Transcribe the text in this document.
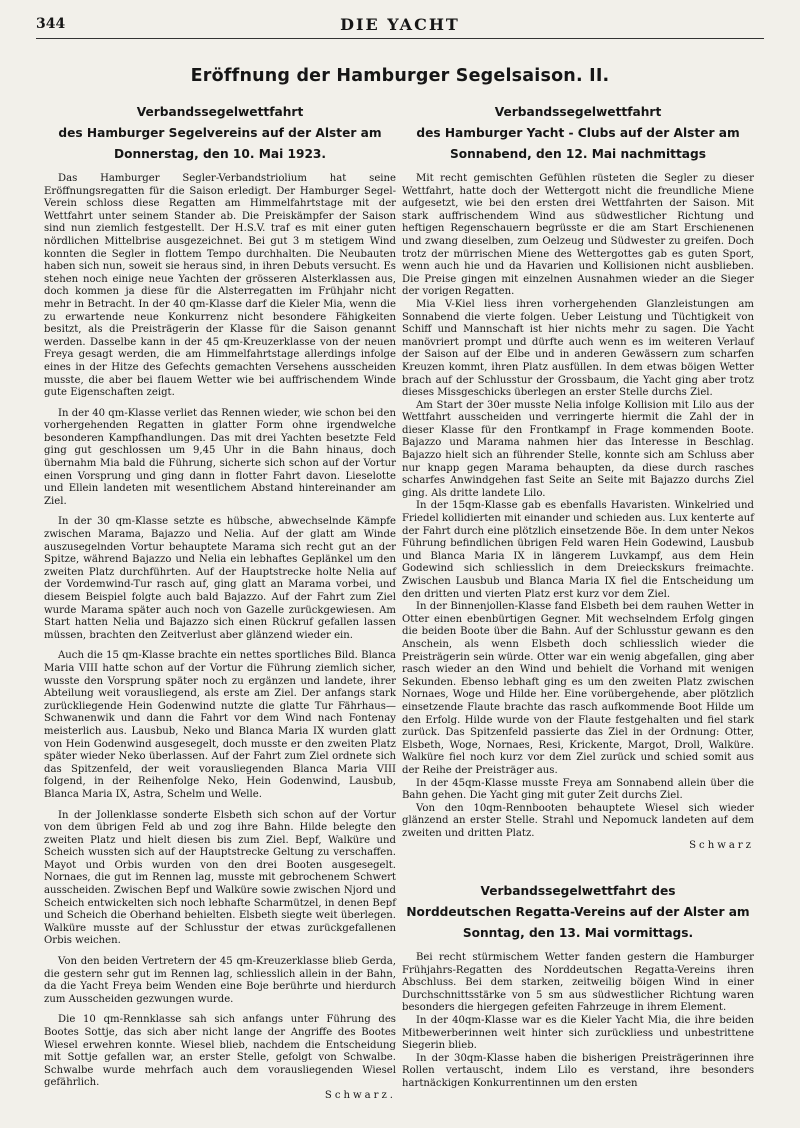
344	DIE YACHT
Eröffnung der Hamburger Segelsaison. II.
Verbandssegelwettfahrt
des Hamburger Segelvereins auf der Alster am
Donnerstag, den 10. Mai 1923.

Das Hamburger Segler-Verbandstriolium hat seine Eröffnungsregatten für die Saison erledigt. Der Hamburger Segel-Verein schloss diese Regatten am Himmelfahrtstage mit der Wettfahrt unter seinem Stander ab. Die Preiskämpfer der Saison sind nun ziemlich festgestellt. Der H.S.V. traf es mit einer guten nördlichen Mittelbrise ausgezeichnet. Bei gut 3 m stetigem Wind konnten die Segler in flottem Tempo durchhalten. Die Neubauten haben sich nun, soweit sie heraus sind, in ihren Debuts versucht. Es stehen noch einige neue Yachten der grösseren Alsterklassen aus, doch kommen ja diese für die Alsterregatten im Frühjahr nicht mehr in Betracht. In der 40 qm-Klasse darf die Kieler Mia, wenn die zu erwartende neue Konkurrenz nicht besondere Fähigkeiten besitzt, als die Preisträgerin der Klasse für die Saison genannt werden. Dasselbe kann in der 45 qm-Kreuzerklasse von der neuen Freya gesagt werden, die am Himmelfahrtstage allerdings infolge eines in der Hitze des Gefechts gemachten Versehens ausscheiden musste, die aber bei flauem Wetter wie bei auffrischendem Winde gute Eigenschaften zeigt.

In der 40 qm-Klasse verliet das Rennen wieder, wie schon bei den vorhergehenden Regatten in glatter Form ohne irgendwelche besonderen Kampfhandlungen. Das mit drei Yachten besetzte Feld ging gut geschlossen um 9,45 Uhr in die Bahn hinaus, doch übernahm Mia bald die Führung, sicherte sich schon auf der Vortur einen Vorsprung und ging dann in flotter Fahrt davon. Lieselotte und Ellein landeten mit wesentlichem Abstand hintereinander am Ziel.

In der 30 qm-Klasse setzte es hübsche, abwechselnde Kämpfe zwischen Marama, Bajazzo und Nelia. Auf der glatt am Winde auszusegelnden Vortur behauptete Marama sich recht gut an der Spitze, während Bajazzo und Nelia ein lebhaftes Geplänkel um den zweiten Platz durchführten. Auf der Hauptstrecke holte Nelia auf der Vordemwind-Tur rasch auf, ging glatt an Marama vorbei, und diesem Beispiel folgte auch bald Bajazzo. Auf der Fahrt zum Ziel wurde Marama später auch noch von Gazelle zurückgewiesen. Am Start hatten Nelia und Bajazzo sich einen Rückruf gefallen lassen müssen, brachten den Zeitverlust aber glänzend wieder ein.

Auch die 15 qm-Klasse brachte ein nettes sportliches Bild. Blanca Maria VIII hatte schon auf der Vortur die Führung ziemlich sicher, wusste den Vorsprung später noch zu ergänzen und landete, ihrer Abteilung weit vorausliegend, als erste am Ziel. Der anfangs stark zurückliegende Hein Godenwind nutzte die glatte Tur Fährhaus—Schwanenwik und dann die Fahrt vor dem Wind nach Fontenay meisterlich aus. Lausbub, Neko und Blanca Maria IX wurden glatt von Hein Godenwind ausgesegelt, doch musste er den zweiten Platz später wieder Neko überlassen. Auf der Fahrt zum Ziel ordnete sich das Spitzenfeld, der weit vorausliegenden Blanca Maria VIII folgend, in der Reihenfolge Neko, Hein Godenwind, Lausbub, Blanca Maria IX, Astra, Schelm und Welle.

In der Jollenklasse sonderte Elsbeth sich schon auf der Vortur von dem übrigen Feld ab und zog ihre Bahn. Hilde belegte den zweiten Platz und hielt diesen bis zum Ziel. Bepf, Walküre und Scheich wussten sich auf der Hauptstrecke Geltung zu verschaffen. Mayot und Orbis wurden von den drei Booten ausgesegelt. Nornaes, die gut im Rennen lag, musste mit gebrochenem Schwert ausscheiden. Zwischen Bepf und Walküre sowie zwischen Njord und Scheich entwickelten sich noch lebhafte Scharmützel, in denen Bepf und Scheich die Oberhand behielten. Elsbeth siegte weit überlegen. Walküre musste auf der Schlusstur der etwas zurückgefallenen Orbis weichen.

Von den beiden Vertretern der 45 qm-Kreuzerklasse blieb Gerda, die gestern sehr gut im Rennen lag, schliesslich allein in der Bahn, da die Yacht Freya beim Wenden eine Boje berührte und hierdurch zum Ausscheiden gezwungen wurde.

Die 10 qm-Rennklasse sah sich anfangs unter Führung des Bootes Sottje, das sich aber nicht lange der Angriffe des Bootes Wiesel erwehren konnte. Wiesel blieb, nachdem die Entscheidung mit Sottje gefallen war, an erster Stelle, gefolgt von Schwalbe. Schwalbe wurde mehrfach auch dem vorausliegenden Wiesel gefährlich.

Schwarz.
Verbandssegelwettfahrt
des Hamburger Yacht - Clubs auf der Alster am
Sonnabend, den 12. Mai nachmittags

Mit recht gemischten Gefühlen rüsteten die Segler zu dieser Wettfahrt, hatte doch der Wettergott nicht die freundliche Miene aufgesetzt, wie bei den ersten drei Wettfahrten der Saison. Mit stark auffrischendem Wind aus südwestlicher Richtung und heftigen Regenschauern begrüsste er die am Start Erschienenen und zwang dieselben, zum Oelzeug und Südwester zu greifen. Doch trotz der mürrischen Miene des Wettergottes gab es guten Sport, wenn auch hie und da Havarien und Kollisionen nicht ausblieben. Die Preise gingen mit einzelnen Ausnahmen wieder an die Sieger der vorigen Regatten.

Mia V-Kiel liess ihren vorhergehenden Glanzleistungen am Sonnabend die vierte folgen. Ueber Leistung und Tüchtigkeit von Schiff und Mannschaft ist hier nichts mehr zu sagen. Die Yacht manövriert prompt und dürfte auch wenn es im weiteren Verlauf der Saison auf der Elbe und in anderen Gewässern zum scharfen Kreuzen kommt, ihren Platz ausfüllen. In dem etwas böigen Wetter brach auf der Schlusstur der Grossbaum, die Yacht ging aber trotz dieses Missgeschicks überlegen an erster Stelle durchs Ziel.

Am Start der 30er musste Nelia infolge Kollision mit Lilo aus der Wettfahrt ausscheiden und verringerte hiermit die Zahl der in dieser Klasse für den Frontkampf in Frage kommenden Boote. Bajazzo und Marama nahmen hier das Interesse in Beschlag. Bajazzo hielt sich an führender Stelle, konnte sich am Schluss aber nur knapp gegen Marama behaupten, da diese durch rasches scharfes Anwindgehen fast Seite an Seite mit Bajazzo durchs Ziel ging. Als dritte landete Lilo.

In der 15qm-Klasse gab es ebenfalls Havaristen. Winkelried und Friedel kollidierten mit einander und schieden aus. Lux kenterte auf der Fahrt durch eine plötzlich einsetzende Böe. In dem unter Nekos Führung befindlichen übrigen Feld waren Hein Godewind, Lausbub und Blanca Maria IX in längerem Luvkampf, aus dem Hein Godewind sich schliesslich in dem Dreieckskurs freimachte. Zwischen Lausbub und Blanca Maria IX fiel die Entscheidung um den dritten und vierten Platz erst kurz vor dem Ziel.

In der Binnenjollen-Klasse fand Elsbeth bei dem rauhen Wetter in Otter einen ebenbürtigen Gegner. Mit wechselndem Erfolg gingen die beiden Boote über die Bahn. Auf der Schlusstur gewann es den Anschein, als wenn Elsbeth doch schliesslich wieder die Preisträgerin sein würde. Otter war ein wenig abgefallen, ging aber rasch wieder an den Wind und behielt die Vorhand mit wenigen Sekunden. Ebenso lebhaft ging es um den zweiten Platz zwischen Nornaes, Woge und Hilde her. Eine vorübergehende, aber plötzlich einsetzende Flaute brachte das rasch aufkommende Boot Hilde um den Erfolg. Hilde wurde von der Flaute festgehalten und fiel stark zurück. Das Spitzenfeld passierte das Ziel in der Ordnung: Otter, Elsbeth, Woge, Nornaes, Resi, Krickente, Margot, Droll, Walküre. Walküre fiel noch kurz vor dem Ziel zurück und schied somit aus der Reihe der Preisträger aus.

In der 45qm-Klasse musste Freya am Sonnabend allein über die Bahn gehen. Die Yacht ging mit guter Zeit durchs Ziel.

Von den 10qm-Rennbooten behauptete Wiesel sich wieder glänzend an erster Stelle. Strahl und Nepomuck landeten auf dem zweiten und dritten Platz.

Schwarz
Verbandssegelwettfahrt des
Norddeutschen Regatta-Vereins auf der Alster am
Sonntag, den 13. Mai vormittags.

Bei recht stürmischem Wetter fanden gestern die Hamburger Frühjahrs-Regatten des Norddeutschen Regatta-Vereins ihren Abschluss. Bei dem starken, zeitweilig böigen Wind in einer Durchschnittsstärke von 5 sm aus südwestlicher Richtung waren besonders die hiergegen gefeiten Fahrzeuge in ihrem Element.

In der 40qm-Klasse war es die Kieler Yacht Mia, die ihre beiden Mitbewerberinnen weit hinter sich zurückliess und unbestrittene Siegerin blieb.

In der 30qm-Klasse haben die bisherigen Preisträgerinnen ihre Rollen vertauscht, indem Lilo es verstand, ihre besonders hartnäckigen Konkurrentinnen um den ersten
